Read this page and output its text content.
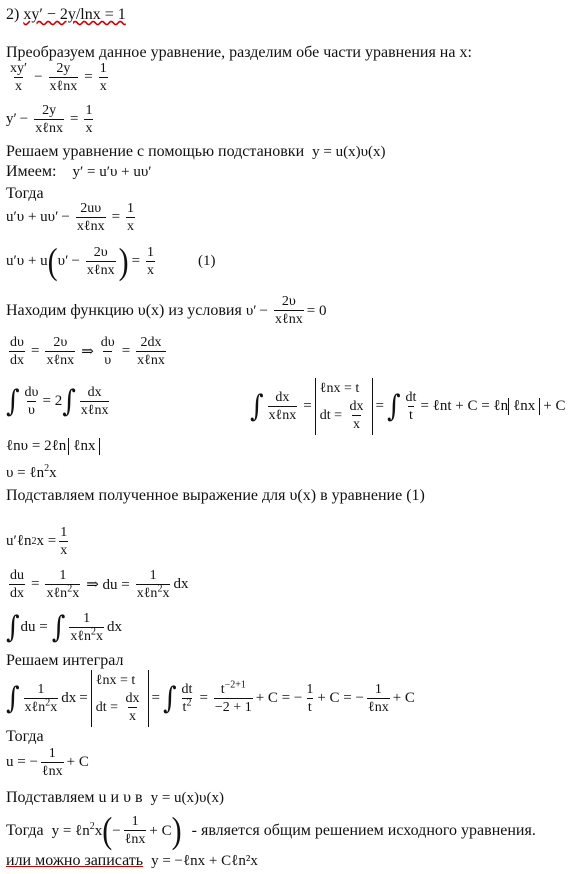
2) xy′ − 2y/lnx = 1
Преобразуем данное уравнение, разделим обе части уравнения на x:
$\frac{xy'}{x} - \frac{2y}{\text{xℓnx}} = \frac{1}{x}$
$y' - \frac{2y}{\text{xℓnx}} = \frac{1}{x}$
Решаем уравнение с помощью подстановки y = u(x)υ(x)
Имеем: y′ = u′υ + uυ′
Тогда
$u'\upsilon + u\upsilon' - \frac{2u\upsilon}{\text{xℓnx}} = \frac{1}{x}$
u′υ + u ( $\upsilon' - \frac{2\upsilon}{\text{xℓnx}}$ ) = $\frac{1}{x}$	(1)
Находим функцию υ(x) из условия
$\upsilon' - \frac{2\upsilon}{\text{xℓnx}} = 0$
$\frac{d\upsilon}{dx} = \frac{2\upsilon}{\text{xℓnx}}$ ⇒ $\frac{d\upsilon}{\upsilon} = \frac{2dx}{\text{xℓnx}}$
∫ $\frac{d\upsilon}{\upsilon} = 2$ ∫ $\frac{dx}{\text{xℓnx}}$	∫ $\frac{dx}{\text{xℓnx}}$ =
ℓnx = t
dt = $\frac{dx}{x}$ = ∫ $\frac{dt}{t}$ = ℓnt + C = ℓn ℓnx + C
ℓnυ = 2ℓn ℓnx
υ = ℓn$^2$x
Подставляем полученное выражение для υ(x) в уравнение (1)
u′ℓn 2 $x = \frac{1}{x}$
$\frac{du}{dx} = \frac{1}{x\ell n^2x}$ ⇒ du = $\frac{1}{x\ell n^2x}$ dx
∫ du = ∫ $\frac{1}{x\ell n^2x}$ dx
Решаем интеграл
∫ $\frac{1}{x\ell n^2x}$ dx =
ℓnx = t
dt = $\frac{dx}{x}$ = ∫ $\frac{dt}{t^2} = \frac{t^{-2+1}}{-2 + 1} + C$ = − $\frac{1}{t} + C$ = − $\frac{1}{\text{ℓnx}} + C$
Тогда
u = − $\frac{1}{\text{ℓnx}} + C$
Подставляем u и υ в y = u(x)υ(x)
Тогда
y = ℓn$^2$x ( − $\frac{1}{\text{ℓnx}} + C$ ) - является общим решением исходного уравнения.
или можно записать y = −ℓnx + Cℓn²x
